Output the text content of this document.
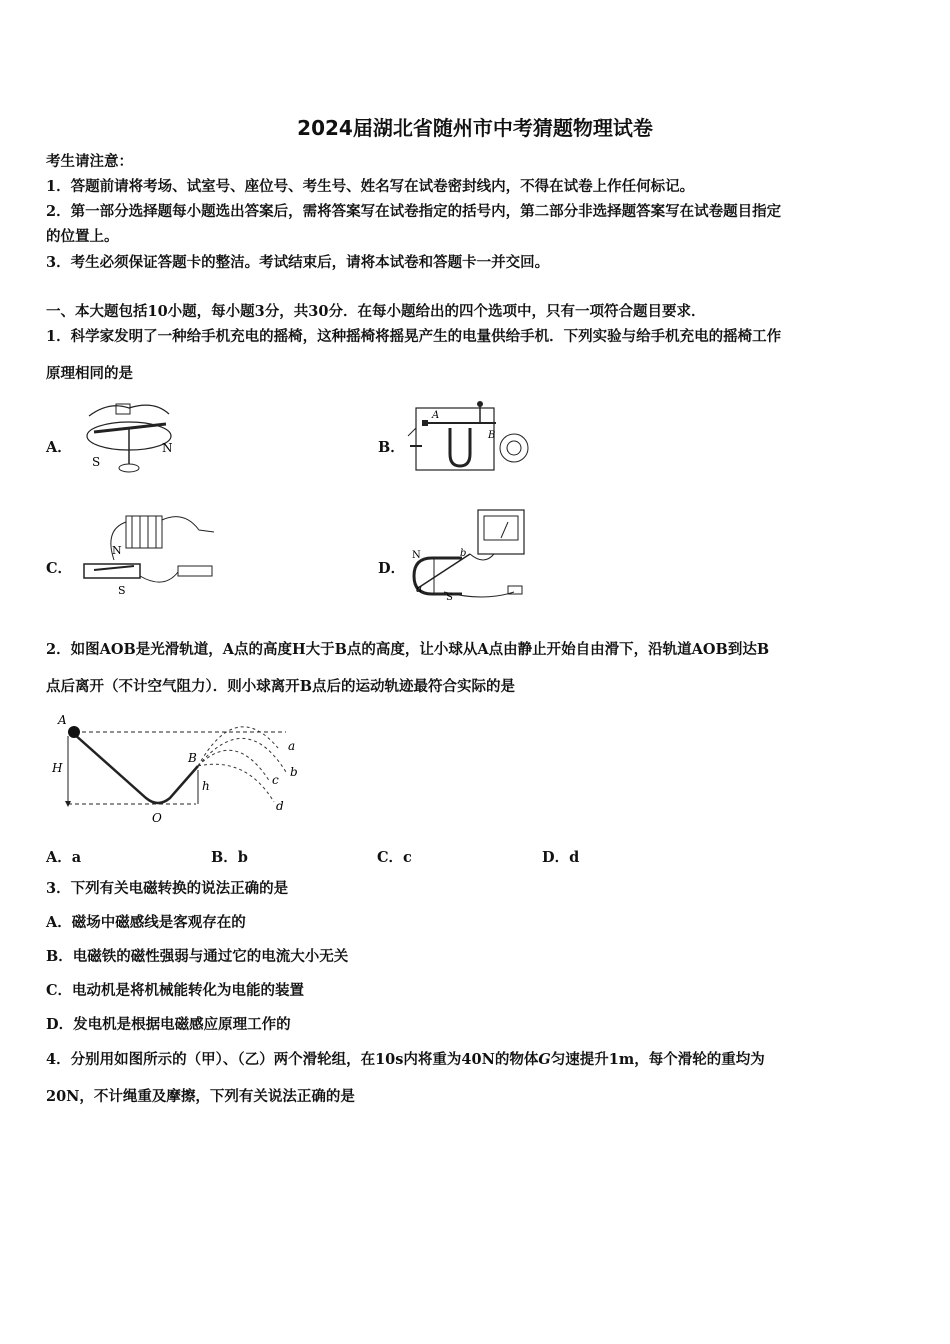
2024届湖北省随州市中考猜题物理试卷
考生请注意：
1．答题前请将考场、试室号、座位号、考生号、姓名写在试卷密封线内，不得在试卷上作任何标记。
2．第一部分选择题每小题选出答案后，需将答案写在试卷指定的括号内，第二部分非选择题答案写在试卷题目指定
的位置上。
3．考生必须保证答题卡的整洁。考试结束后，请将本试卷和答题卡一并交回。
一、本大题包括10小题，每小题3分，共30分．在每小题给出的四个选项中，只有一项符合题目要求．
1．科学家发明了一种给手机充电的摇椅，这种摇椅将摇晃产生的电量供给手机．下列实验与给手机充电的摇椅工作
原理相同的是
A．
S
N	B．
A
B
C．
N
S
D．
a
b
S
N
2．如图AOB是光滑轨道，A点的高度H大于B点的高度，让小球从A点由静止开始自由滑下，沿轨道AOB到达B
点后离开（不计空气阻力）．则小球离开B点后的运动轨迹最符合实际的是
A
H
O
B
h
a
b
c
d
A．a	B．b	C．c	D．d
3．下列有关电磁转换的说法正确的是
A．磁场中磁感线是客观存在的
B．电磁铁的磁性强弱与通过它的电流大小无关
C．电动机是将机械能转化为电能的装置
D．发电机是根据电磁感应原理工作的
4．分别用如图所示的（甲）、（乙）两个滑轮组，在10s内将重为40N的物体G匀速提升1m，每个滑轮的重均为
20N，不计绳重及摩擦，下列有关说法正确的是
